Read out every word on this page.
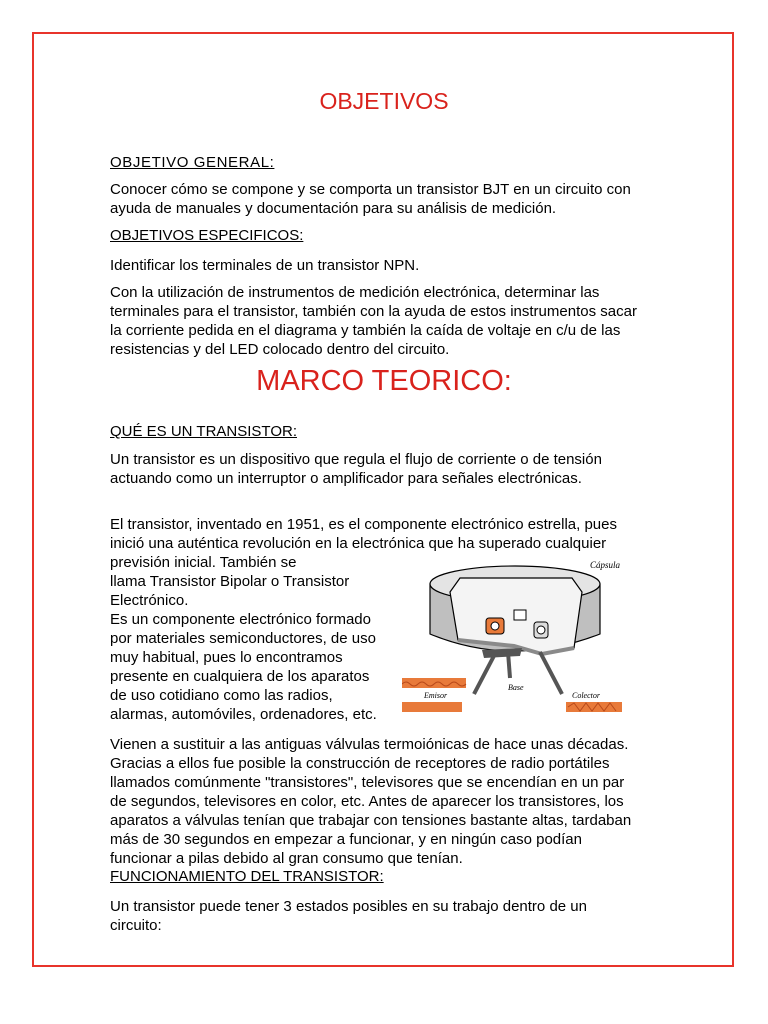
OBJETIVOS

OBJETIVO GENERAL:

Conocer cómo se compone y se comporta un transistor BJT en un circuito con
ayuda de manuales y documentación para su análisis de medición.

OBJETIVOS ESPECIFICOS:

Identificar los terminales de un transistor NPN.

Con la utilización de instrumentos de medición electrónica, determinar las
terminales para el transistor, también con la ayuda de estos instrumentos sacar
la corriente pedida en el diagrama y también la caída de voltaje en c/u de las
resistencias y del LED colocado dentro del circuito.
MARCO TEORICO:

QUÉ ES UN TRANSISTOR:

Un transistor es un dispositivo que regula el flujo de corriente o de tensión
actuando como un interruptor o amplificador para señales electrónicas.
El transistor, inventado en 1951, es el componente electrónico estrella, pues
inició una auténtica revolución en la electrónica que ha superado cualquier
previsión inicial. También se
llama Transistor Bipolar o Transistor
Electrónico.
Es un componente electrónico formado
por materiales semiconductores, de uso
muy habitual, pues lo encontramos
presente en cualquiera de los aparatos
de uso cotidiano como las radios,
alarmas, automóviles, ordenadores, etc.
Cápsula
Emisor
Base
Colector
Vienen a sustituir a las antiguas válvulas termoiónicas de hace unas décadas.
Gracias a ellos fue posible la construcción de receptores de radio portátiles
llamados comúnmente "transistores", televisores que se encendían en un par
de segundos, televisores en color, etc. Antes de aparecer los transistores, los
aparatos a válvulas tenían que trabajar con tensiones bastante altas, tardaban
más de 30 segundos en empezar a funcionar, y en ningún caso podían
funcionar a pilas debido al gran consumo que tenían.

FUNCIONAMIENTO DEL TRANSISTOR:

Un transistor puede tener 3 estados posibles en su trabajo dentro de un
circuito:
